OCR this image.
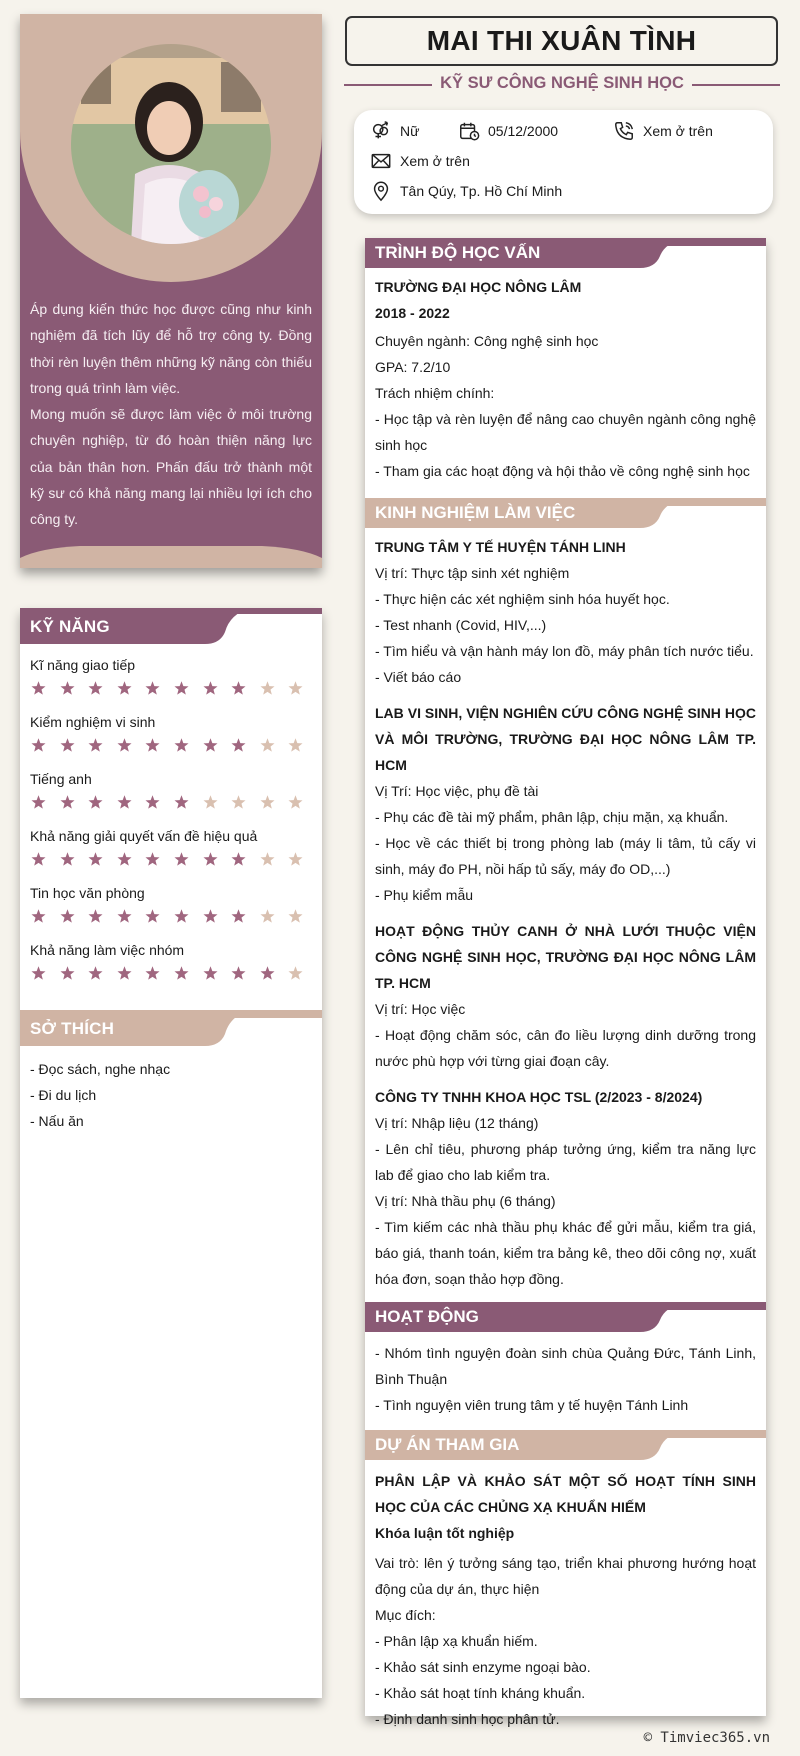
Áp dụng kiến thức học được cũng như kinh nghiệm đã tích lũy để hỗ trợ công ty. Đồng thời rèn luyện thêm những kỹ năng còn thiếu trong quá trình làm việc.

Mong muốn sẽ được làm việc ở môi trường chuyên nghiệp, từ đó hoàn thiện năng lực của bản thân hơn. Phấn đấu trở thành một kỹ sư có khả năng mang lại nhiều lợi ích cho công ty.

KỸ NĂNG
Kĩ năng giao tiếp
Kiểm nghiệm vi sinh
Tiếng anh
Khả năng giải quyết vấn đề hiệu quả
Tin học văn phòng
Khả năng làm việc nhóm
SỞ THÍCH
- Đọc sách, nghe nhạc
- Đi du lịch
- Nấu ăn
MAI THI XUÂN TÌNH
KỸ SƯ CÔNG NGHỆ SINH HỌC
Nữ	05/12/2000	Xem ở trên
Xem ở trên
Tân Qúy, Tp. Hồ Chí Minh
TRÌNH ĐỘ HỌC VẤN
TRƯỜNG ĐẠI HỌC NÔNG LÂM
2018 - 2022
Chuyên ngành: Công nghệ sinh học
GPA: 7.2/10
Trách nhiệm chính:
- Học tập và rèn luyện để nâng cao chuyên ngành công nghệ sinh học
- Tham gia các hoạt động và hội thảo về công nghệ sinh học
KINH NGHIỆM LÀM VIỆC
TRUNG TÂM Y TẾ HUYỆN TÁNH LINH
Vị trí: Thực tập sinh xét nghiệm
- Thực hiện các xét nghiệm sinh hóa huyết học.
- Test nhanh (Covid, HIV,...)
- Tìm hiểu và vận hành máy lon đồ, máy phân tích nước tiểu.
- Viết báo cáo
LAB VI SINH, VIỆN NGHIÊN CỨU CÔNG NGHỆ SINH HỌC VÀ MÔI TRƯỜNG, TRƯỜNG ĐẠI HỌC NÔNG LÂM TP. HCM
Vị Trí: Học việc, phụ đề tài
- Phụ các đề tài mỹ phẩm, phân lập, chịu mặn, xạ khuẩn.
- Học về các thiết bị trong phòng lab (máy li tâm, tủ cấy vi sinh, máy đo PH, nồi hấp tủ sấy, máy đo OD,...)
- Phụ kiểm mẫu
HOẠT ĐỘNG THỦY CANH Ở NHÀ LƯỚI THUỘC VIỆN CÔNG NGHỆ SINH HỌC, TRƯỜNG ĐẠI HỌC NÔNG LÂM TP. HCM
Vị trí: Học việc
- Hoạt động chăm sóc, cân đo liều lượng dinh dưỡng trong nước phù hợp với từng giai đoạn cây.
CÔNG TY TNHH KHOA HỌC TSL (2/2023 - 8/2024)
Vị trí: Nhập liệu (12 tháng)
- Lên chỉ tiêu, phương pháp tưởng ứng, kiểm tra năng lực lab để giao cho lab kiểm tra.
Vị trí: Nhà thầu phụ (6 tháng)
- Tìm kiếm các nhà thầu phụ khác để gửi mẫu, kiểm tra giá, báo giá, thanh toán, kiểm tra bảng kê, theo dõi công nợ, xuất hóa đơn, soạn thảo hợp đồng.
HOẠT ĐỘNG
- Nhóm tình nguyện đoàn sinh chùa Quảng Đức, Tánh Linh, Bình Thuận
- Tình nguyện viên trung tâm y tế huyện Tánh Linh
DỰ ÁN THAM GIA
PHÂN LẬP VÀ KHẢO SÁT MỘT SỐ HOẠT TÍNH SINH HỌC CỦA CÁC CHỦNG XẠ KHUẨN HIẾM
Khóa luận tốt nghiệp
Vai trò: lên ý tưởng sáng tạo, triển khai phương hướng hoạt động của dự án, thực hiện
Mục đích:
- Phân lập xạ khuẩn hiếm.
- Khảo sát sinh enzyme ngoại bào.
- Khảo sát hoạt tính kháng khuẩn.
- Định danh sinh học phân tử.
© Timviec365.vn
